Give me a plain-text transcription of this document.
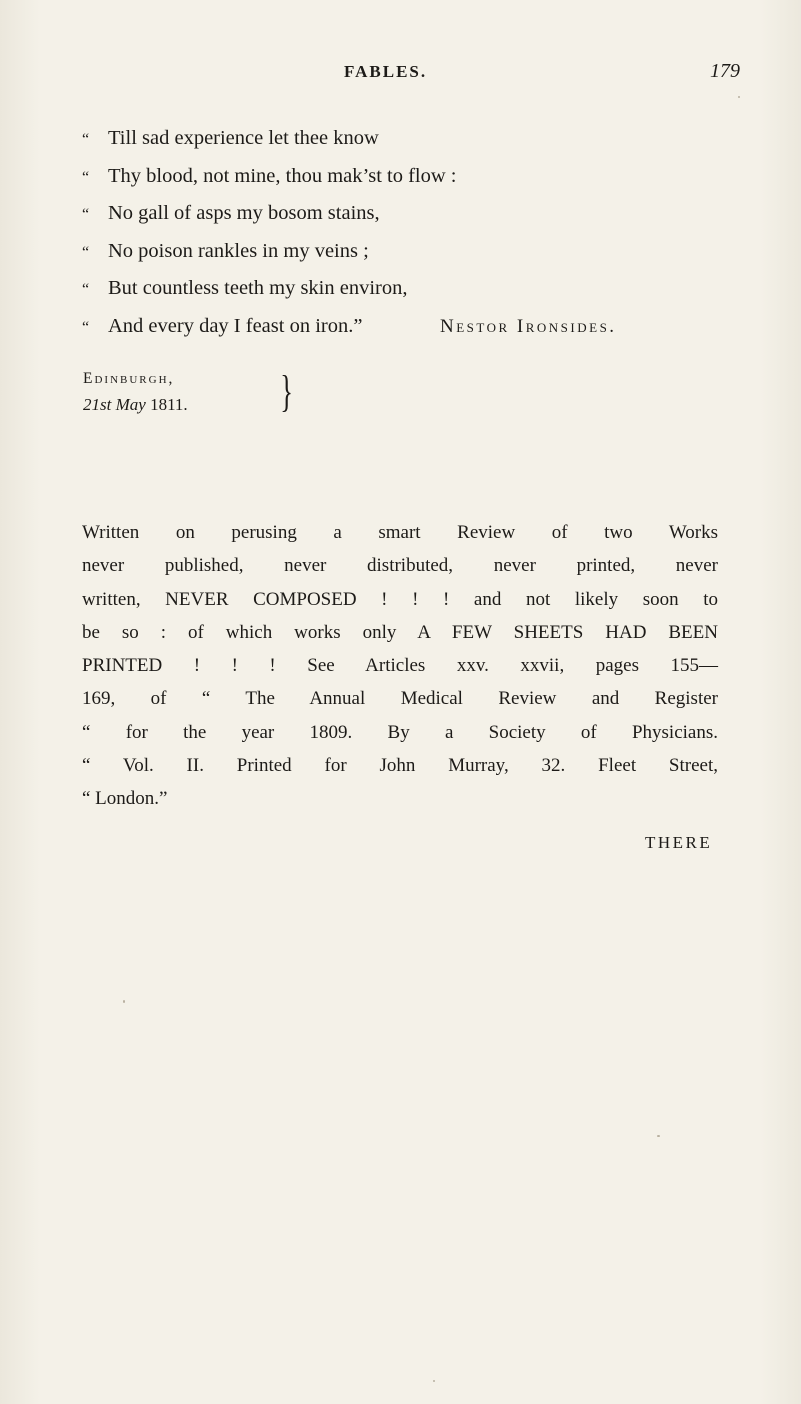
FABLES.	179
“ Till sad experience let thee know
“ Thy blood, not mine, thou mak’st to flow :
“ No gall of asps my bosom stains,
“ No poison rankles in my veins ;
“ But countless teeth my skin environ,
“ And every day I feast on iron.”	Nestor Ironsides.
Edinburgh,
21st May 1811.	}
Written on perusing a smart Review of two Works
never published, never distributed, never printed, never
written, NEVER COMPOSED ! ! ! and not likely soon to
be so : of which works only A FEW SHEETS HAD BEEN
PRINTED ! ! ! See Articles xxv. xxvii, pages 155—
169, of “ The Annual Medical Review and Register
“ for the year 1809. By a Society of Physicians.
“ Vol. II. Printed for John Murray, 32. Fleet Street,
“ London.”
THERE
